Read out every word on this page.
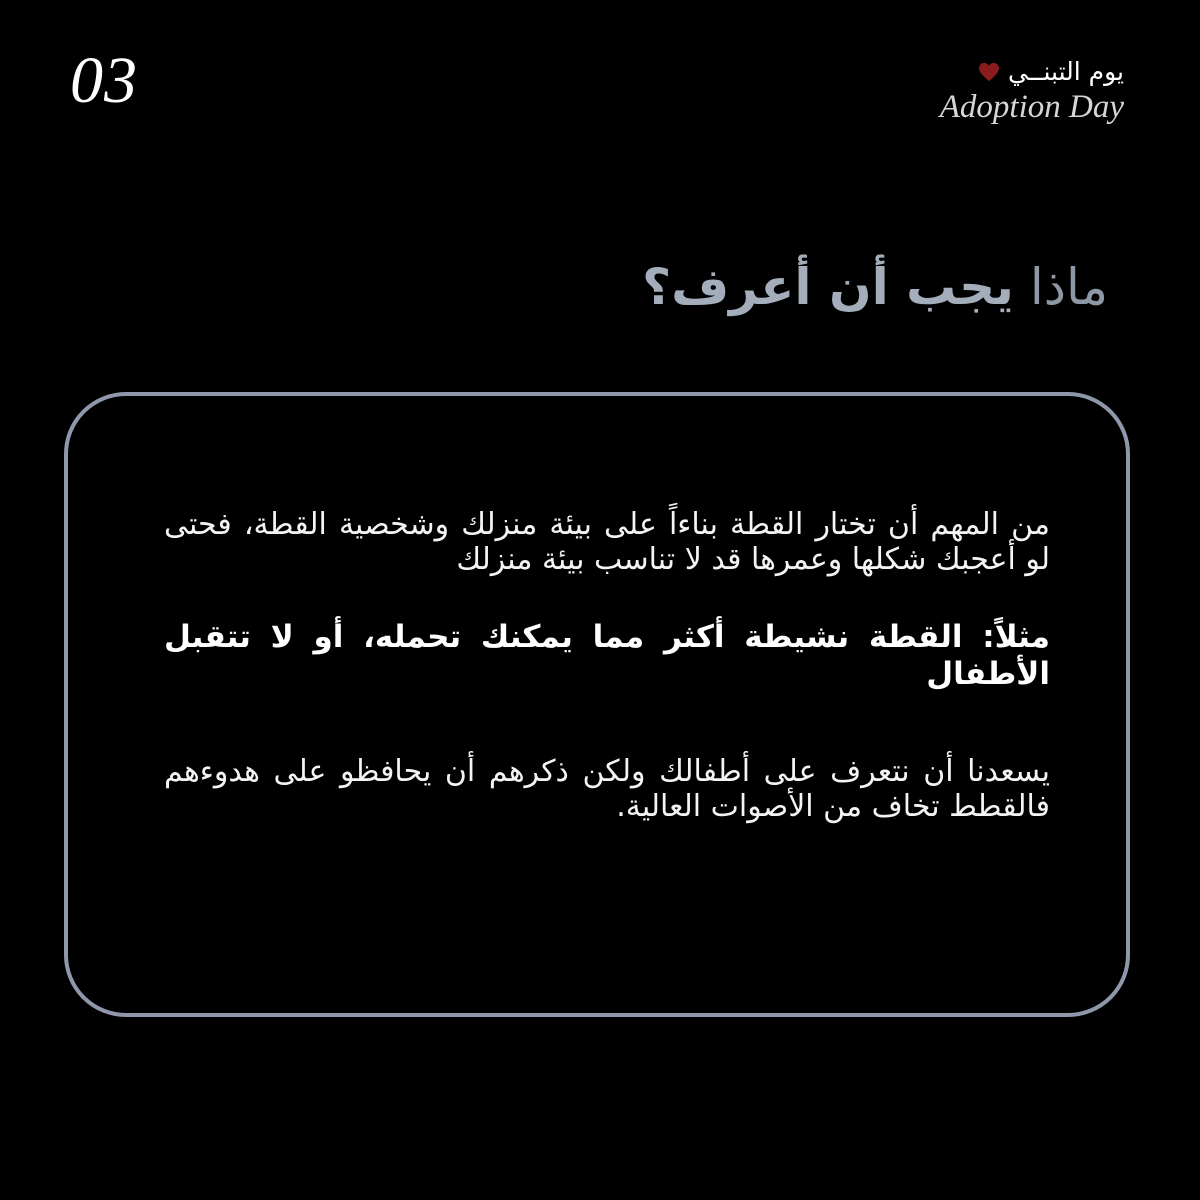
03	يوم التبنــي
Adoption Day
ماذا يجب أن أعرف؟

من المهم أن تختار القطة بناءاً على بيئة منزلك وشخصية القطة، فحتى لو أعجبك شكلها وعمرها قد لا تناسب بيئة منزلك

مثلاً: القطة نشيطة أكثر مما يمكنك تحمله، أو لا تتقبل الأطفال

يسعدنا أن نتعرف على أطفالك ولكن ذكرهم أن يحافظو على هدوءهم فالقطط تخاف من الأصوات العالية.
